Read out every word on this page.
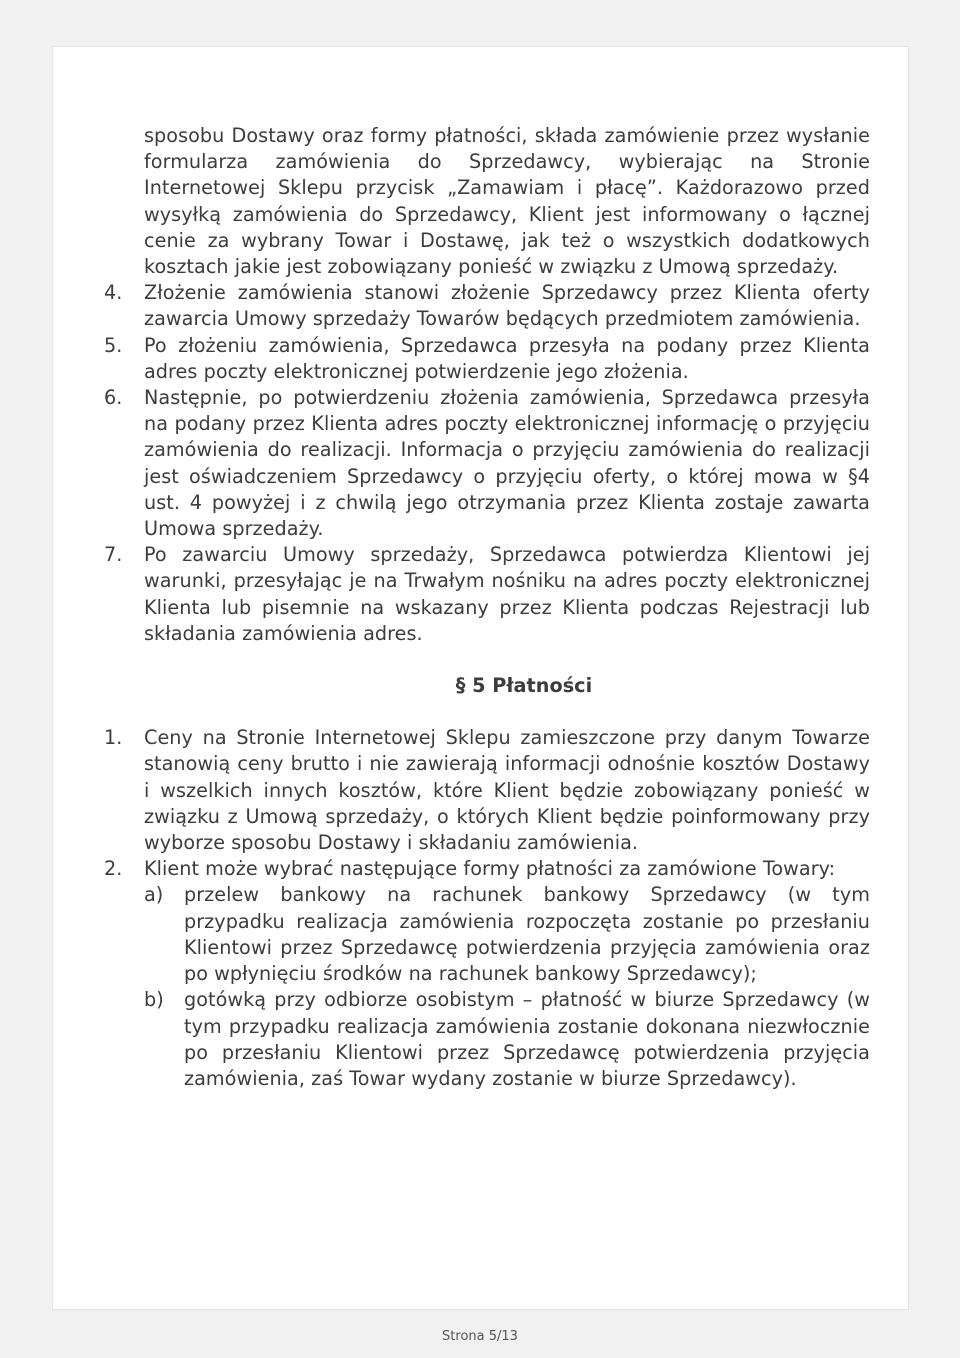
sposobu Dostawy oraz formy płatności, składa zamówienie przez wysłanie formularza zamówienia do Sprzedawcy, wybierając na Stronie Internetowej Sklepu przycisk „Zamawiam i płacę”. Każdorazowo przed wysyłką zamówienia do Sprzedawcy, Klient jest informowany o łącznej cenie za wybrany Towar i Dostawę, jak też o wszystkich dodatkowych kosztach jakie jest zobowiązany ponieść w związku z Umową sprzedaży.

4. Złożenie zamówienia stanowi złożenie Sprzedawcy przez Klienta oferty zawarcia Umowy sprzedaży Towarów będących przedmiotem zamówienia.
5. Po złożeniu zamówienia, Sprzedawca przesyła na podany przez Klienta adres poczty elektronicznej potwierdzenie jego złożenia.
6. Następnie, po potwierdzeniu złożenia zamówienia, Sprzedawca przesyła na podany przez Klienta adres poczty elektronicznej informację o przyjęciu zamówienia do realizacji. Informacja o przyjęciu zamówienia do realizacji jest oświadczeniem Sprzedawcy o przyjęciu oferty, o której mowa w §4 ust. 4 powyżej i z chwilą jego otrzymania przez Klienta zostaje zawarta Umowa sprzedaży.
7. Po zawarciu Umowy sprzedaży, Sprzedawca potwierdza Klientowi jej warunki, przesyłając je na Trwałym nośniku na adres poczty elektronicznej Klienta lub pisemnie na wskazany przez Klienta podczas Rejestracji lub składania zamówienia adres.
§ 5 Płatności
1. Ceny na Stronie Internetowej Sklepu zamieszczone przy danym Towarze stanowią ceny brutto i nie zawierają informacji odnośnie kosztów Dostawy i wszelkich innych kosztów, które Klient będzie zobowiązany ponieść w związku z Umową sprzedaży, o których Klient będzie poinformowany przy wyborze sposobu Dostawy i składaniu zamówienia.
2. Klient może wybrać następujące formy płatności za zamówione Towary:
a) przelew bankowy na rachunek bankowy Sprzedawcy (w tym przypadku realizacja zamówienia rozpoczęta zostanie po przesłaniu Klientowi przez Sprzedawcę potwierdzenia przyjęcia zamówienia oraz po wpłynięciu środków na rachunek bankowy Sprzedawcy);
b) gotówką przy odbiorze osobistym – płatność w biurze Sprzedawcy (w tym przypadku realizacja zamówienia zostanie dokonana niezwłocznie po przesłaniu Klientowi przez Sprzedawcę potwierdzenia przyjęcia zamówienia, zaś Towar wydany zostanie w biurze Sprzedawcy).
Strona 5/13
